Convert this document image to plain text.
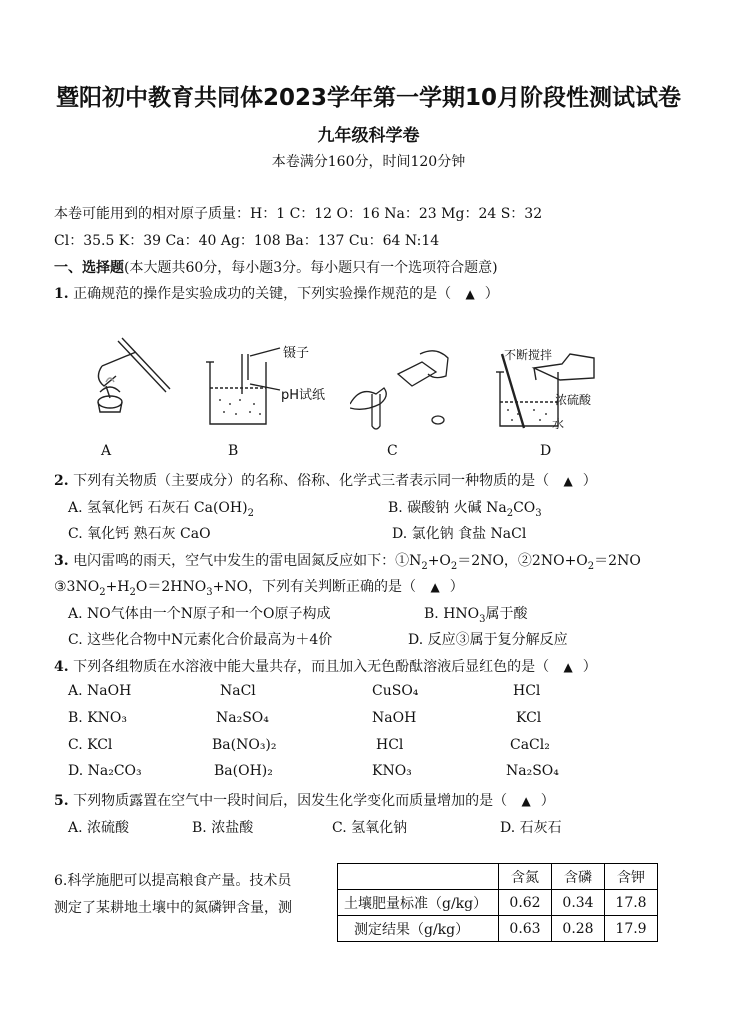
暨阳初中教育共同体2023学年第一学期10月阶段性测试试卷
九年级科学卷
本卷满分160分，时间120分钟
本卷可能用到的相对原子质量：H：1 C：12 O：16 Na：23 Mg：24 S：32
Cl：35.5 K：39 Ca：40 Ag：108 Ba：137 Cu：64 N:14
一、选择题(本大题共60分，每小题3分。每小题只有一个选项符合题意)
1. 正确规范的操作是实验成功的关键，下列实验操作规范的是（ ▲ ）
A
镊子
pH试纸
B	C
不断搅拌
浓硫酸
水
D
2. 下列有关物质（主要成分）的名称、俗称、化学式三者表示同一种物质的是（ ▲ ）
A. 氢氧化钙 石灰石 $Ca(OH)_2$	B. 碳酸钠 火碱 $Na_2CO_3$
C. 氧化钙 熟石灰 CaO	D. 氯化钠 食盐 NaCl
3. 电闪雷鸣的雨天，空气中发生的雷电固氮反应如下：$①N_2+O_2=2NO$，$②2NO+O_2=2NO$
$③3NO_2+H_2O=2HNO_3+NO$，下列有关判断正确的是（ ▲ ）
A. NO气体由一个N原子和一个O原子构成	B. $HNO_3$属于酸
C. 这些化合物中N元素化合价最高为＋4价	D. 反应③属于复分解反应
4. 下列各组物质在水溶液中能大量共存，而且加入无色酚酞溶液后显红色的是（ ▲ ）
A. NaOH	NaCl	CuSO₄	HCl
B. KNO₃	Na₂SO₄	NaOH	KCl
C. KCl	Ba(NO₃)₂	HCl	CaCl₂
D. Na₂CO₃	Ba(OH)₂	KNO₃	Na₂SO₄
5. 下列物质露置在空气中一段时间后，因发生化学变化而质量增加的是（ ▲ ）
A. 浓硫酸	B. 浓盐酸	C. 氢氧化钠	D. 石灰石
6.科学施肥可以提高粮食产量。技术员
测定了某耕地土壤中的氮磷钾含量，测
	含氮	含磷	含钾
土壤肥量标准（g/kg）	0.62	0.34	17.8
测定结果（g/kg）	0.63	0.28	17.9
